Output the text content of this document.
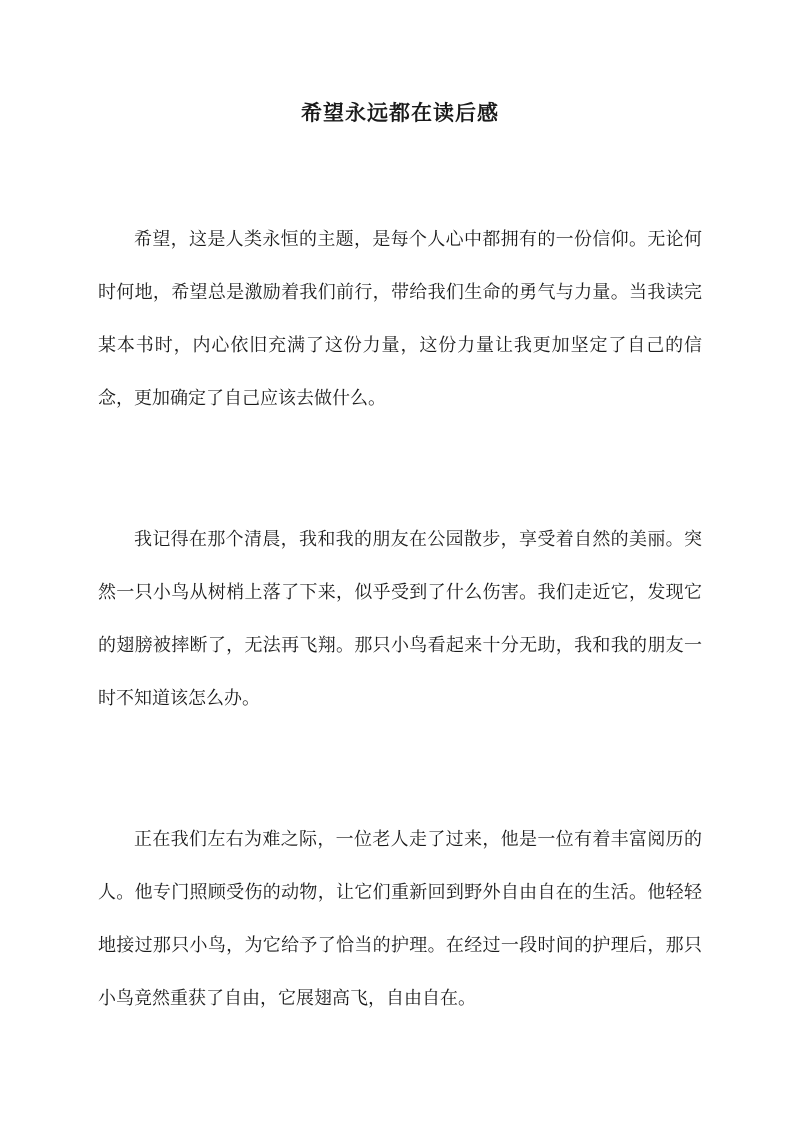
希望永远都在读后感

希望，这是人类永恒的主题，是每个人心中都拥有的一份信仰。无论何时何地，希望总是激励着我们前行，带给我们生命的勇气与力量。当我读完某本书时，内心依旧充满了这份力量，这份力量让我更加坚定了自己的信念，更加确定了自己应该去做什么。

我记得在那个清晨，我和我的朋友在公园散步，享受着自然的美丽。突然一只小鸟从树梢上落了下来，似乎受到了什么伤害。我们走近它，发现它的翅膀被摔断了，无法再飞翔。那只小鸟看起来十分无助，我和我的朋友一时不知道该怎么办。

正在我们左右为难之际，一位老人走了过来，他是一位有着丰富阅历的人。他专门照顾受伤的动物，让它们重新回到野外自由自在的生活。他轻轻地接过那只小鸟，为它给予了恰当的护理。在经过一段时间的护理后，那只小鸟竟然重获了自由，它展翅高飞，自由自在。
